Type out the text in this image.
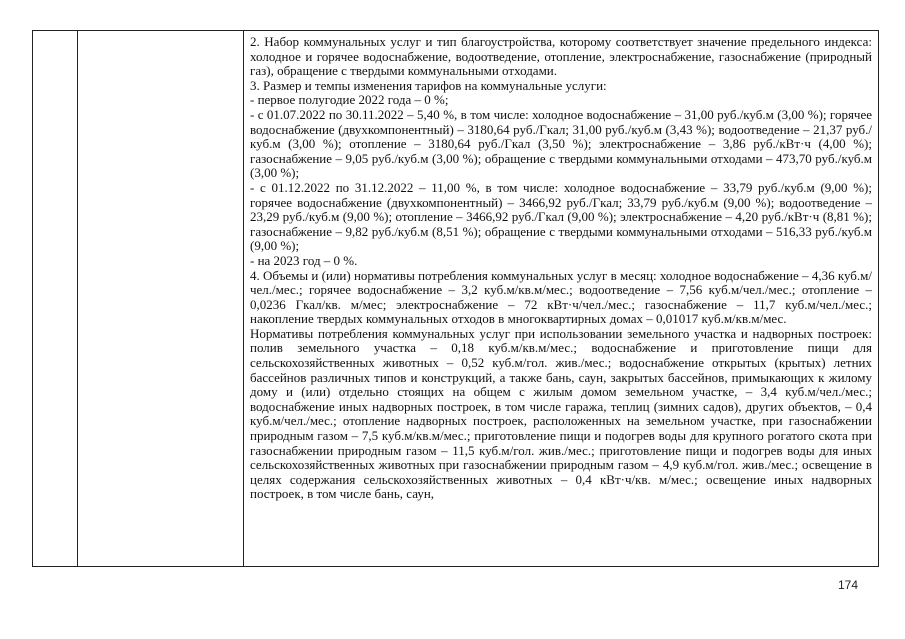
2. Набор коммунальных услуг и тип благоустройства, которому соответствует значение предельного индекса: холодное и горячее водоснабжение, водоотведение, отопление, электроснабжение, газоснабжение (природный газ), обращение с твердыми коммунальными отходами.

3. Размер и темпы изменения тарифов на коммунальные услуги:

- первое полугодие 2022 года – 0 %;

- с 01.07.2022 по 30.11.2022 – 5,40 %, в том числе: холодное водоснабжение – 31,00 руб./куб.м (3,00 %); горячее водоснабжение (двухкомпонентный) – 3180,64 руб./Гкал; 31,00 руб./куб.м (3,43 %); водоотведение – 21,37 руб./куб.м (3,00 %); отопление – 3180,64 руб./Гкал (3,50 %); электроснабжение – 3,86 руб./кВт·ч (4,00 %); газоснабжение – 9,05 руб./куб.м (3,00 %); обращение с твердыми коммунальными отходами – 473,70 руб./куб.м (3,00 %);

- с 01.12.2022 по 31.12.2022 – 11,00 %, в том числе: холодное водоснабжение – 33,79 руб./куб.м (9,00 %); горячее водоснабжение (двухкомпонентный) – 3466,92 руб./Гкал; 33,79 руб./куб.м (9,00 %); водоотведение – 23,29 руб./куб.м (9,00 %); отопление – 3466,92 руб./Гкал (9,00 %); электроснабжение – 4,20 руб./кВт·ч (8,81 %); газоснабжение – 9,82 руб./куб.м (8,51 %); обращение с твердыми коммунальными отходами – 516,33 руб./куб.м (9,00 %);

- на 2023 год – 0 %.

4. Объемы и (или) нормативы потребления коммунальных услуг в месяц: холодное водоснабжение – 4,36 куб.м/чел./мес.; горячее водоснабжение – 3,2 куб.м/кв.м/мес.; водоотведение – 7,56 куб.м/чел./мес.; отопление – 0,0236 Гкал/кв. м/мес; электроснабжение – 72 кВт·ч/чел./мес.; газоснабжение – 11,7 куб.м/чел./мес.; накопление твердых коммунальных отходов в многоквартирных домах – 0,01017 куб.м/кв.м/мес.

Нормативы потребления коммунальных услуг при использовании земельного участка и надворных построек: полив земельного участка – 0,18 куб.м/кв.м/мес.; водоснабжение и приготовление пищи для сельскохозяйственных животных – 0,52 куб.м/гол. жив./мес.; водоснабжение открытых (крытых) летних бассейнов различных типов и конструкций, а также бань, саун, закрытых бассейнов, примыкающих к жилому дому и (или) отдельно стоящих на общем с жилым домом земельном участке, – 3,4 куб.м/чел./мес.; водоснабжение иных надворных построек, в том числе гаража, теплиц (зимних садов), других объектов, – 0,4 куб.м/чел./мес.; отопление надворных построек, расположенных на земельном участке, при газоснабжении природным газом – 7,5 куб.м/кв.м/мес.; приготовление пищи и подогрев воды для крупного рогатого скота при газоснабжении природным газом – 11,5 куб.м/гол. жив./мес.; приготовление пищи и подогрев воды для иных сельскохозяйственных животных при газоснабжении природным газом – 4,9 куб.м/гол. жив./мес.; освещение в целях содержания сельскохозяйственных животных – 0,4 кВт·ч/кв. м/мес.; освещение иных надворных построек, в том числе бань, саун,

174
